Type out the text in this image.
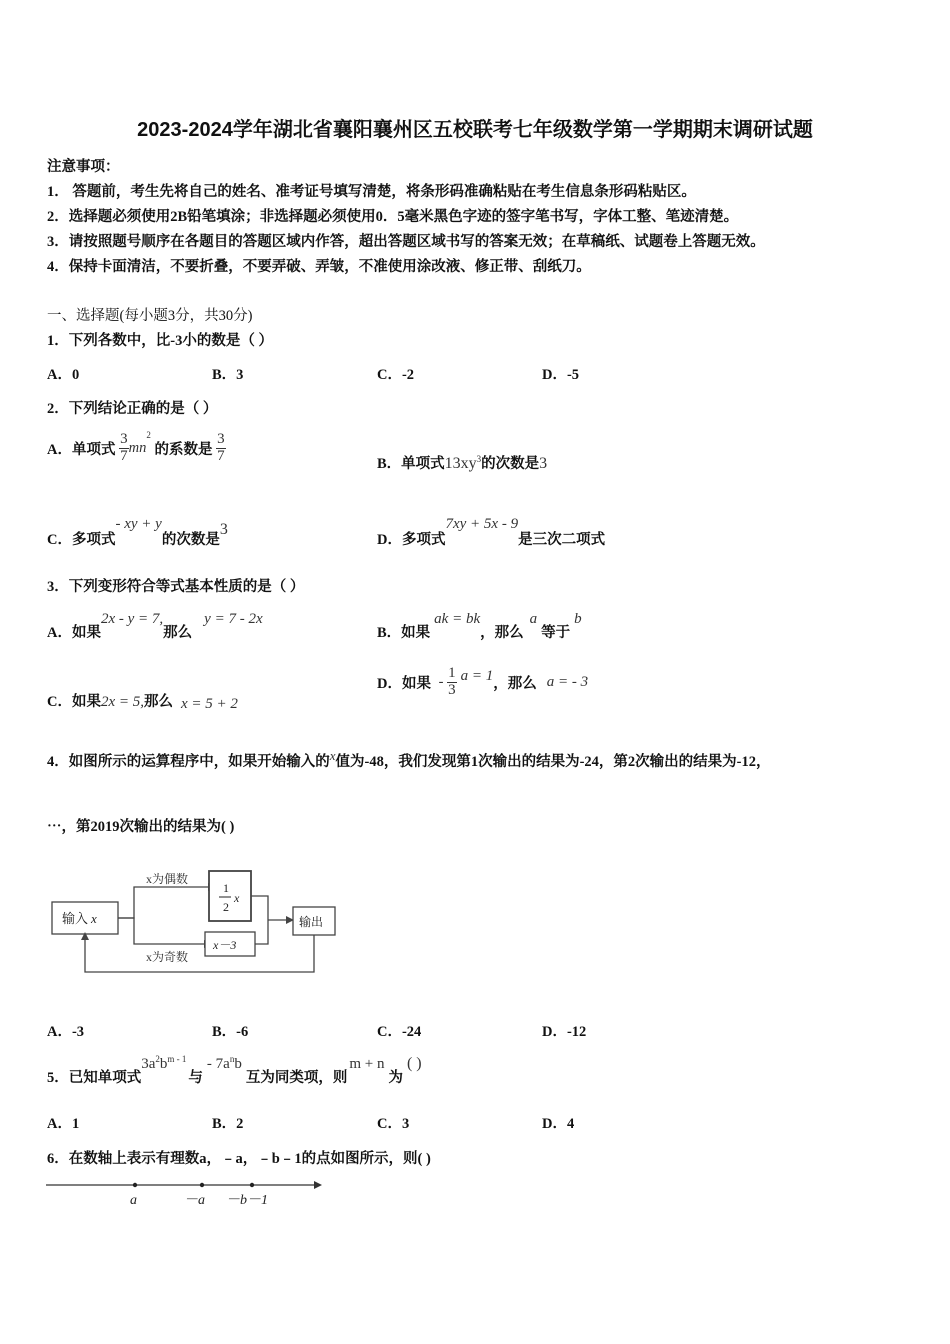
2023-2024学年湖北省襄阳襄州区五校联考七年级数学第一学期期末调研试题
注意事项：
1． 答题前，考生先将自己的姓名、准考证号填写清楚，将条形码准确粘贴在考生信息条形码粘贴区。
2．选择题必须使用2B铅笔填涂；非选择题必须使用0．5毫米黑色字迹的签字笔书写，字体工整、笔迹清楚。
3．请按照题号顺序在各题目的答题区域内作答，超出答题区域书写的答案无效；在草稿纸、试题卷上答题无效。
4．保持卡面清洁，不要折叠，不要弄破、弄皱，不准使用涂改液、修正带、刮纸刀。
一、选择题(每小题3分，共30分)
1．下列各数中，比-3小的数是（ ）
A．0	B．3	C．-2	D．-5
2．下列结论正确的是（ ）
A．单项式 $\frac{3}{7} mn^2$ 的系数是 $\frac{3}{7}$	B．单项式$13xy^3$的次数是3
C．多项式- xy + y的次数是3
D．多项式7xy + 5x - 9是三次二项式
3．下列变形符合等式基本性质的是（ ）
A．如果2x - y = 7,那么y = 7 - 2x
B．如果ak = bk，那么a等于b
C．如果2x = 5,那么 x = 5 + 2
D．如果 - $\frac{1}{3}$ a = 1，那么 a = - 3
4．如图所示的运算程序中，如果开始输入的x值为-48，我们发现第1次输出的结果为-24，第2次输出的结果为-12，
⋯，第2019次输出的结果为( )
输入 x
x为偶数
x为奇数
1
2
x
x－3
输出
A．-3	B．-6	C．-24	D．-12
5．已知单项式$3a^2b^{m - 1}$与- $7a^nb$互为同类项，则m + n为( )
A．1	B．2	C．3	D．4
6．在数轴上表示有理数a，﹣a，﹣b﹣1的点如图所示，则( )
a	－a －b－1
